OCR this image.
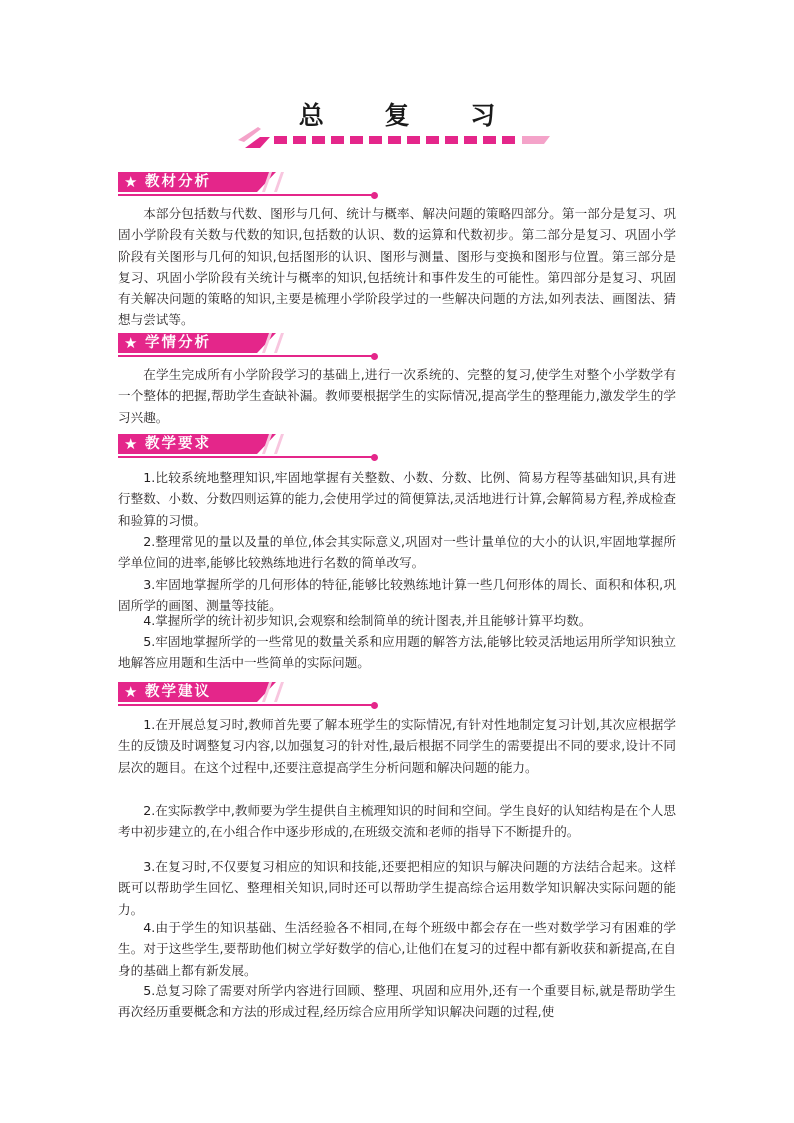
总 复 习
★ 教材分析

本部分包括数与代数、图形与几何、统计与概率、解决问题的策略四部分。第一部分是复习、巩固小学阶段有关数与代数的知识,包括数的认识、数的运算和代数初步。第二部分是复习、巩固小学阶段有关图形与几何的知识,包括图形的认识、图形与测量、图形与变换和图形与位置。第三部分是复习、巩固小学阶段有关统计与概率的知识,包括统计和事件发生的可能性。第四部分是复习、巩固有关解决问题的策略的知识,主要是梳理小学阶段学过的一些解决问题的方法,如列表法、画图法、猜想与尝试等。

★ 学情分析

在学生完成所有小学阶段学习的基础上,进行一次系统的、完整的复习,使学生对整个小学数学有一个整体的把握,帮助学生查缺补漏。教师要根据学生的实际情况,提高学生的整理能力,激发学生的学习兴趣。

★ 教学要求

1.比较系统地整理知识,牢固地掌握有关整数、小数、分数、比例、简易方程等基础知识,具有进行整数、小数、分数四则运算的能力,会使用学过的简便算法,灵活地进行计算,会解简易方程,养成检查和验算的习惯。

2.整理常见的量以及量的单位,体会其实际意义,巩固对一些计量单位的大小的认识,牢固地掌握所学单位间的进率,能够比较熟练地进行名数的简单改写。

3.牢固地掌握所学的几何形体的特征,能够比较熟练地计算一些几何形体的周长、面积和体积,巩固所学的画图、测量等技能。

4.掌握所学的统计初步知识,会观察和绘制简单的统计图表,并且能够计算平均数。

5.牢固地掌握所学的一些常见的数量关系和应用题的解答方法,能够比较灵活地运用所学知识独立地解答应用题和生活中一些简单的实际问题。

★ 教学建议

1.在开展总复习时,教师首先要了解本班学生的实际情况,有针对性地制定复习计划,其次应根据学生的反馈及时调整复习内容,以加强复习的针对性,最后根据不同学生的需要提出不同的要求,设计不同层次的题目。在这个过程中,还要注意提高学生分析问题和解决问题的能力。

2.在实际教学中,教师要为学生提供自主梳理知识的时间和空间。学生良好的认知结构是在个人思考中初步建立的,在小组合作中逐步形成的,在班级交流和老师的指导下不断提升的。

3.在复习时,不仅要复习相应的知识和技能,还要把相应的知识与解决问题的方法结合起来。这样既可以帮助学生回忆、整理相关知识,同时还可以帮助学生提高综合运用数学知识解决实际问题的能力。

4.由于学生的知识基础、生活经验各不相同,在每个班级中都会存在一些对数学学习有困难的学生。对于这些学生,要帮助他们树立学好数学的信心,让他们在复习的过程中都有新收获和新提高,在自身的基础上都有新发展。

5.总复习除了需要对所学内容进行回顾、整理、巩固和应用外,还有一个重要目标,就是帮助学生再次经历重要概念和方法的形成过程,经历综合应用所学知识解决问题的过程,使
